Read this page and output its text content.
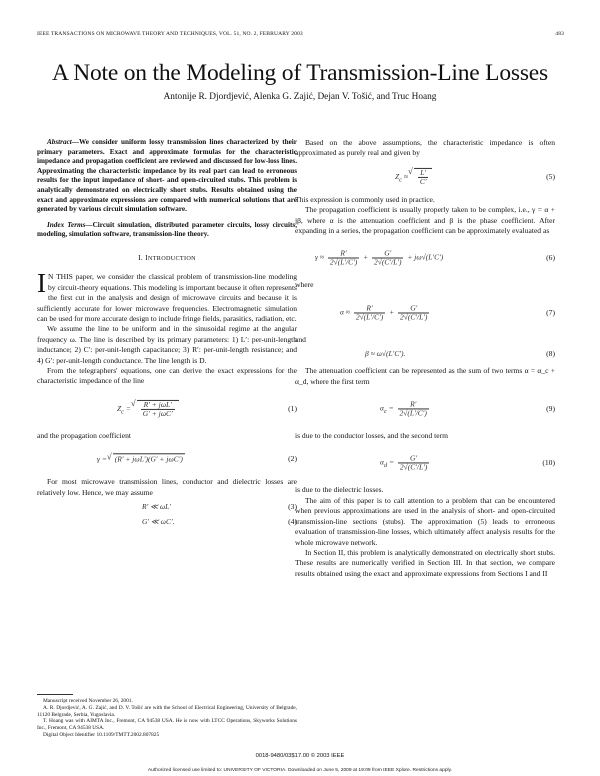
IEEE TRANSACTIONS ON MICROWAVE THEORY AND TECHNIQUES, VOL. 51, NO. 2, FEBRUARY 2003	483
A Note on the Modeling of Transmission-Line Losses
Antonije R. Djordjević, Alenka G. Zajić, Dejan V. Tošić, and Truc Hoang

Abstract—We consider uniform lossy transmission lines characterized by their primary parameters. Exact and approximate formulas for the characteristic impedance and propagation coefficient are reviewed and discussed for low-loss lines. Approximating the characteristic impedance by its real part can lead to erroneous results for the input impedance of short- and open-circuited stubs. This problem is analytically demonstrated on electrically short stubs. Results obtained using the exact and approximate expressions are compared with numerical solutions that are generated by various circuit simulation software.

Index Terms—Circuit simulation, distributed parameter circuits, lossy circuits, modeling, simulation software, transmission-line theory.

I. INTRODUCTION

I N THIS paper, we consider the classical problem of transmission-line modeling by circuit-theory equations. This modeling is important because it often represents the first cut in the analysis and design of microwave circuits and because it is sufficiently accurate for lower microwave frequencies. Electromagnetic simulation can be used for more accurate design to include fringe fields, parasitics, radiation, etc.

We assume the line to be uniform and in the sinusoidal regime at the angular frequency ω. The line is described by its primary parameters: 1) L′: per-unit-length inductance; 2) C′: per-unit-length capacitance; 3) R′: per-unit-length resistance; and 4) G′: per-unit-length conductance. The line length is D.

From the telegraphers' equations, one can derive the exact expressions for the characteristic impedance of the line

$Z_c$ = √ $\frac{\text{R′ + jωL′}}{\text{G′ + jωC′}}$	(1)

and the propagation coefficient

γ = √ (R′ + jωL′)(G′ + jωC′)	(2)

For most microwave transmission lines, conductor and dielectric losses are relatively low. Hence, we may assume

R′ ≪ ωL′	(3)
G′ ≪ ωC′.	(4)

Manuscript received November 26, 2001.

A. R. Djordjević, A. G. Zajić, and D. V. Tošić are with the School of Electrical Engineering, University of Belgrade, 11120 Belgrade, Serbia, Yugoslavia.

T. Hoang was with AIMTA Inc., Fremont, CA 94538 USA. He is now with LTCC Operations, Skyworks Solutions Inc., Fremont, CA 94538 USA.

Digital Object Identifier 10.1109/TMTT.2002.807825

Based on the above assumptions, the characteristic impedance is often approximated as purely real and given by

$Z_c$ ≈ √ $\frac{L'}{C'}$	(5)

This expression is commonly used in practice.

The propagation coefficient is usually properly taken to be complex, i.e., γ = α + jβ, where α is the attenuation coefficient and β is the phase coefficient. After expanding in a series, the propagation coefficient can be approximately evaluated as

$\gamma \approx \frac{R'}{2√(L'/C')} + \frac{G'}{2√(C'/L')} + j\omega√(L'C')$	(6)

where

$\alpha \approx \frac{R'}{2√(L'/C')} + \frac{G'}{2√(C'/L')}$	(7)

and

β ≈ ω√(L′C′).	(8)

The attenuation coefficient can be represented as the sum of two terms α = α_c + α_d, where the first term

$\alpha_c = \frac{R'}{2√(L'/C')}$	(9)

is due to the conductor losses, and the second term

$\alpha_d = \frac{G'}{2√(C'/L')}$	(10)

is due to the dielectric losses.

The aim of this paper is to call attention to a problem that can be encountered when previous approximations are used in the analysis of short- and open-circuited transmission-line sections (stubs). The approximation (5) leads to erroneous evaluation of transmission-line losses, which ultimately affect analysis results for the whole microwave network.

In Section II, this problem is analytically demonstrated on electrically short stubs. These results are numerically verified in Section III. In that section, we compare results obtained using the exact and approximate expressions from Sections I and II

0018-9480/03$17.00 © 2003 IEEE
Authorized licensed use limited to: UNIVERSITY OF VICTORIA. Downloaded on June 5, 2009 at 19:09 from IEEE Xplore. Restrictions apply.
